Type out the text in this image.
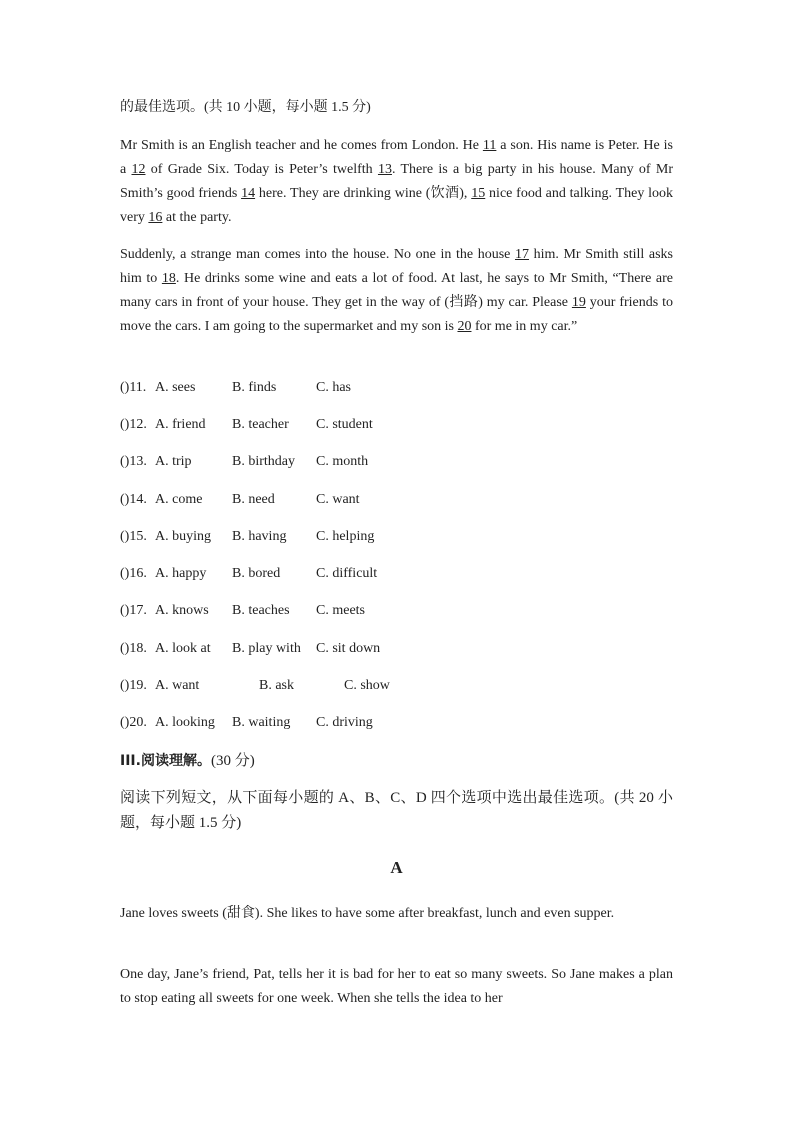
的最佳选项。(共 10 小题，每小题 1.5 分)
Mr Smith is an English teacher and he comes from London. He 11 a son. His name is Peter. He is a 12 of Grade Six. Today is Peter’s twelfth 13. There is a big party in his house. Many of Mr Smith’s good friends 14 here. They are drinking wine (饮酒), 15 nice food and talking. They look very 16 at the party.
Suddenly, a strange man comes into the house. No one in the house 17 him. Mr Smith still asks him to 18. He drinks some wine and eats a lot of food. At last, he says to Mr Smith, “There are many cars in front of your house. They get in the way of (挡路) my car. Please 19 your friends to move the cars. I am going to the supermarket and my son is 20 for me in my car.”
()11. A. sees	B. finds	C. has
()12. A. friend B. teacher C. student
()13. A. trip	B. birthday C. month
()14. A. come B. need	C. want
()15. A. buying B. having C. helping
()16. A. happy B. bored	C. difficult
()17. A. knows B. teaches C. meets
()18. A. look at B. play with C. sit down
()19. A. want	B. ask	C. show
()20. A. looking B. waiting C. driving
III.阅读理解。(30 分)
阅读下列短文，从下面每小题的 A、B、C、D 四个选项中选出最佳选项。(共 20 小题，每小题 1.5 分)
A
Jane loves sweets (甜食). She likes to have some after breakfast, lunch and even supper.
One day, Jane’s friend, Pat, tells her it is bad for her to eat so many sweets. So Jane makes a plan to stop eating all sweets for one week. When she tells the idea to her
